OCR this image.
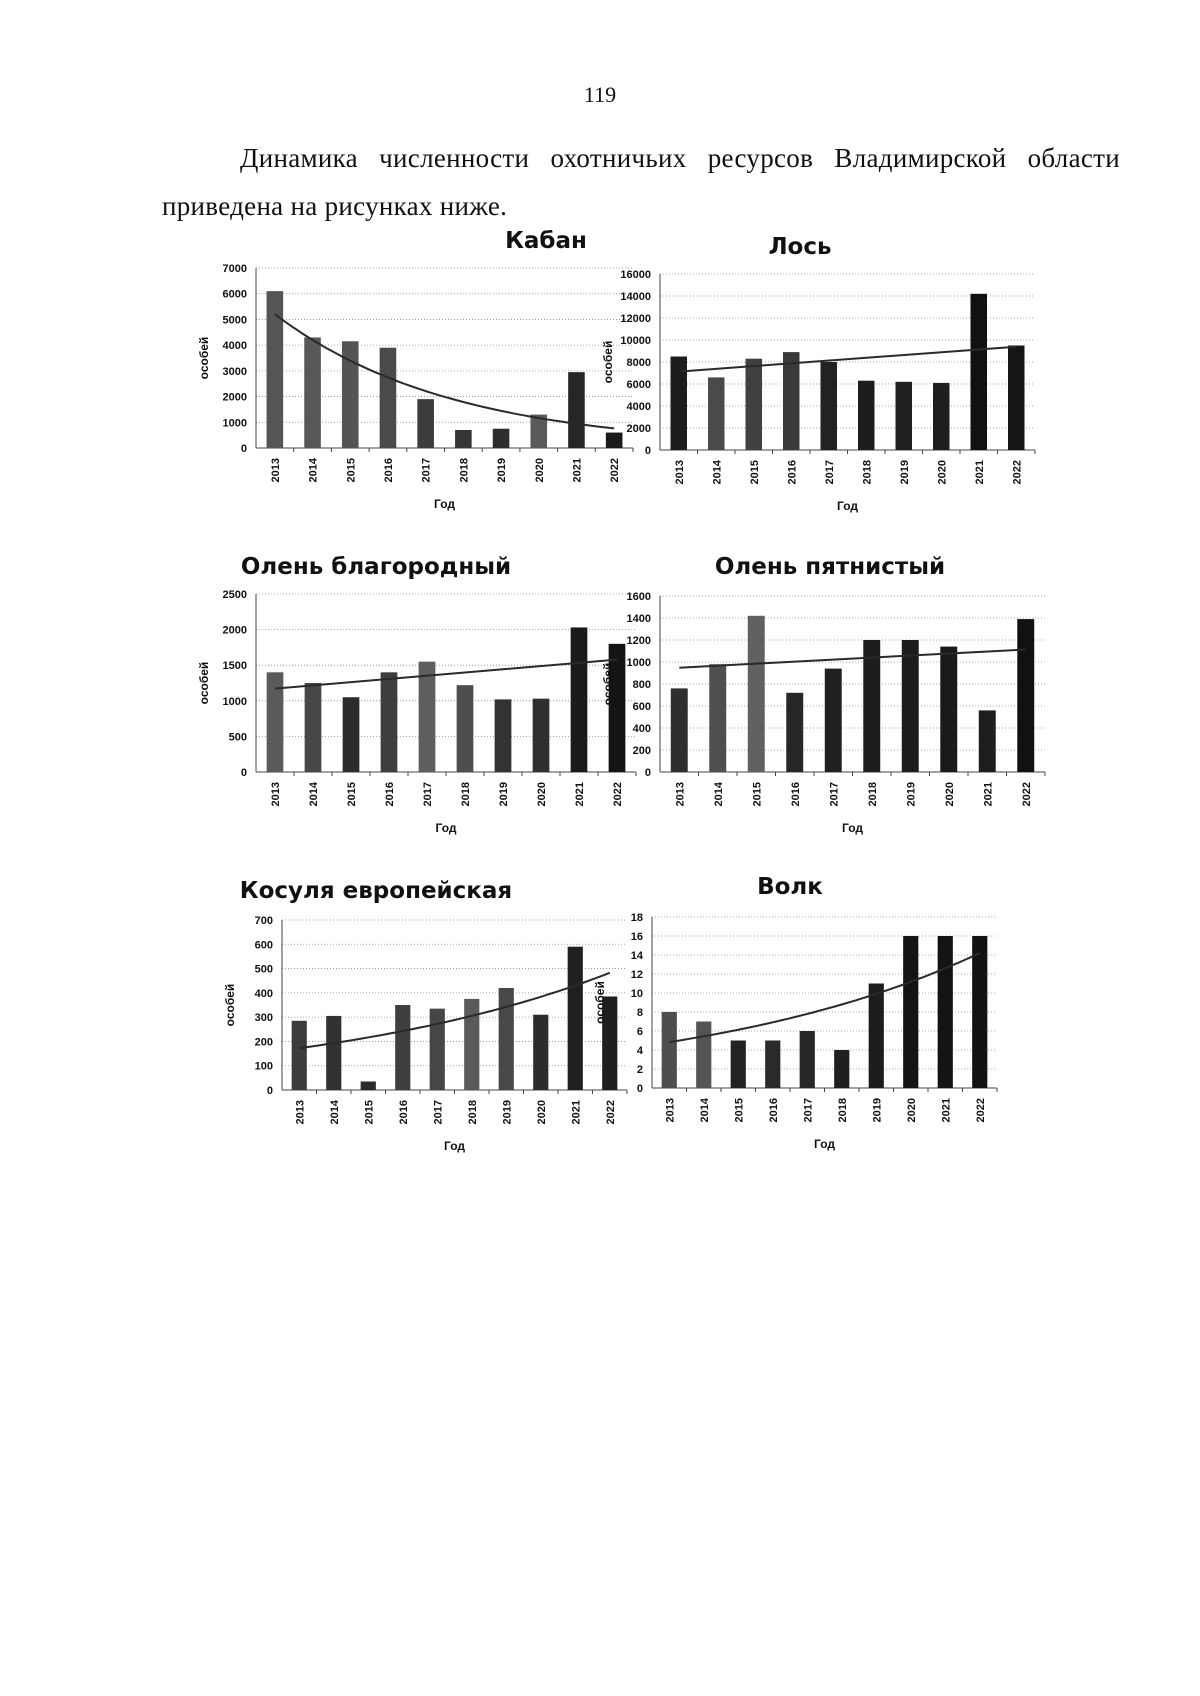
119
Динамика численности охотничьих ресурсов Владимирской области приведена на рисунках ниже.
Кабан
0
1000
2000
3000
4000
5000
6000
7000
2013 2014 2015 2016 2017 2018 2019 2020 2021 2022
особей
Год
Лось
0
2000
4000
6000
8000
10000
12000
14000
16000
2013 2014 2015 2016 2017 2018 2019 2020 2021 2022
особей
Год
Олень благородный
0
500
1000
1500
2000
2500
2013 2014 2015 2016 2017 2018 2019 2020 2021 2022
особей
Год
Олень пятнистый
0
200
400
600
800
1000
1200
1400
1600
2013 2014 2015 2016 2017 2018 2019 2020 2021 2022
особей
Год
Косуля европейская
0
100
200
300
400
500
600
700
2013 2014 2015 2016 2017 2018 2019 2020 2021 2022
особей
Год
Волк
0
2
4
6
8
10
12
14
16
18
2013 2014 2015 2016 2017 2018 2019 2020 2021 2022
особей
Год
